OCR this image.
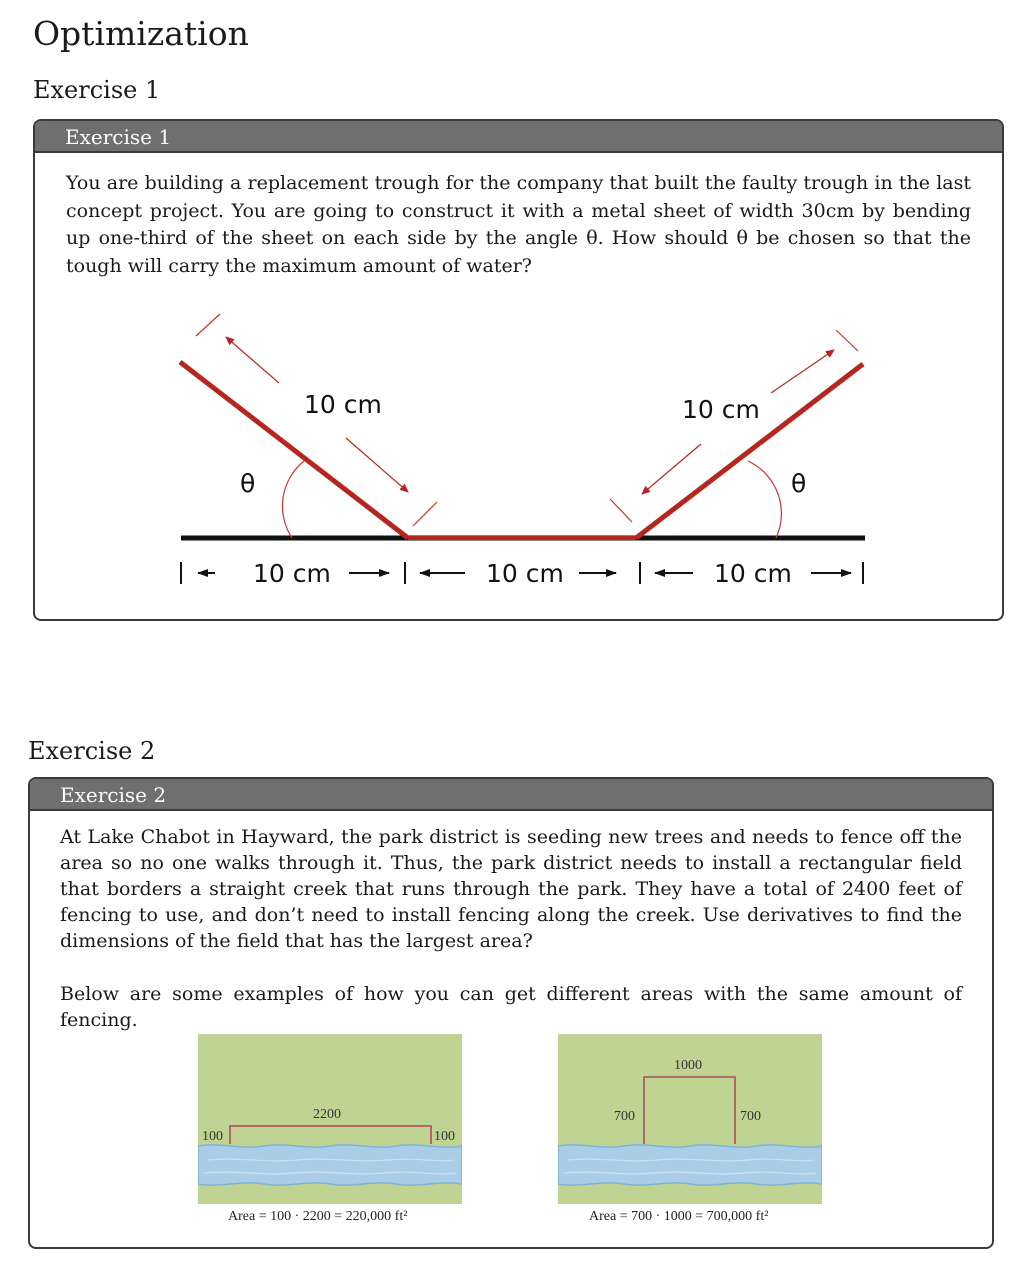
Optimization
Exercise 1
Exercise 1

You are building a replacement trough for the company that built the faulty trough in the last concept project. You are going to construct it with a metal sheet of width 30cm by bending up one-third of the sheet on each side by the angle θ. How should θ be chosen so that the tough will carry the maximum amount of water?

10 cm	10 cm
θ	θ
10 cm	10 cm	10 cm
Exercise 2
Exercise 2

At Lake Chabot in Hayward, the park district is seeding new trees and needs to fence off the area so no one walks through it. Thus, the park district needs to install a rectangular field that borders a straight creek that runs through the park. They have a total of 2400 feet of fencing to use, and don’t need to install fencing along the creek. Use derivatives to find the dimensions of the field that has the largest area?

Below are some examples of how you can get different areas with the same amount of fencing.

2200
100	100
Area = 100 · 2200 = 220,000 ft²
1000
700	700
Area = 700 · 1000 = 700,000 ft²
